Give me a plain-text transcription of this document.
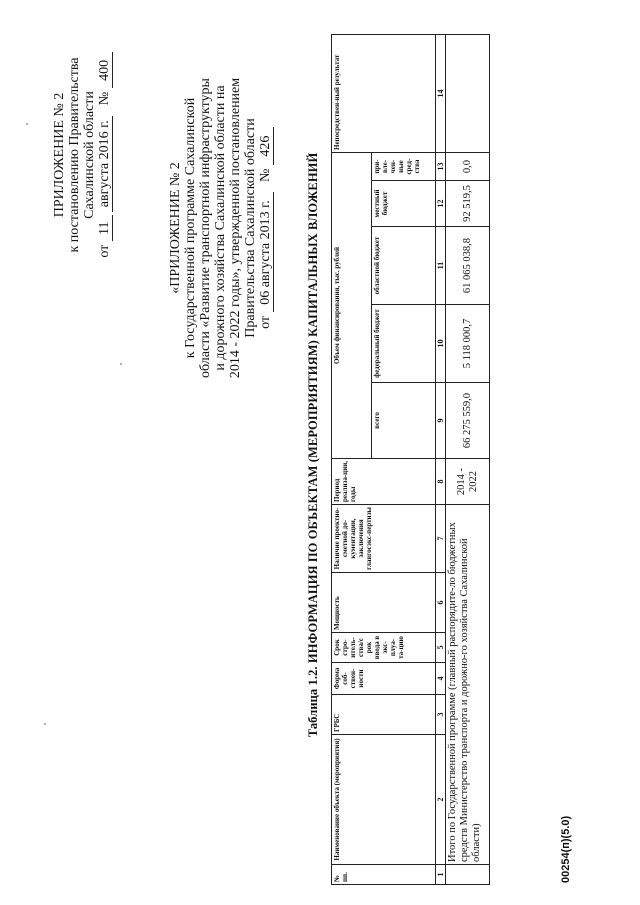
ПРИЛОЖЕНИЕ № 2 к постановлению Правительства Сахалинской области
от 11 августа 2016 г.   № 400
«ПРИЛОЖЕНИЕ № 2 к Государственной программе Сахалинской области «Развитие транспортной инфраструктуры и дорожного хозяйства Сахалинской области на 2014 - 2022 годы», утвержденной постановлением Правительства Сахалинской области от 06 августа 2013 г.   № 426
Таблица 1.2. ИНФОРМАЦИЯ ПО ОБЪЕКТАМ (МЕРОПРИЯТИЯМ) КАПИТАЛЬНЫХ ВЛОЖЕНИЙ
№ пп.	Наименование объекта (мероприятия)	ГРБС	Форма соб-ствен-ности	Срок стро-итель-ства/с рок ввода в экс-плуа-та-цию	Мощность	Наличие проектно-сметной до-кументации, заключения главгосэкс-пертизы	Период реализа-ции, годы	Объем финансирования, тыс. рублей					Непосредствен-ный результат
								всего	федеральный бюджет	областной бюджет	местный бюджет	при-вле-чен-ные сред-ства	
1	2	3	4	5	6	7	8	9	10	11	12	13	14
	Итого по Государственной программе (главный распорядите-ло бюджетных средств Министерство транспорта и дорожно-го хозяйства Сахалинской области)						2014 - 2022	66 275 559,0	5 118 000,7	61 065 038,8	92 519,5	0,0	
00254(п)(5.0)
